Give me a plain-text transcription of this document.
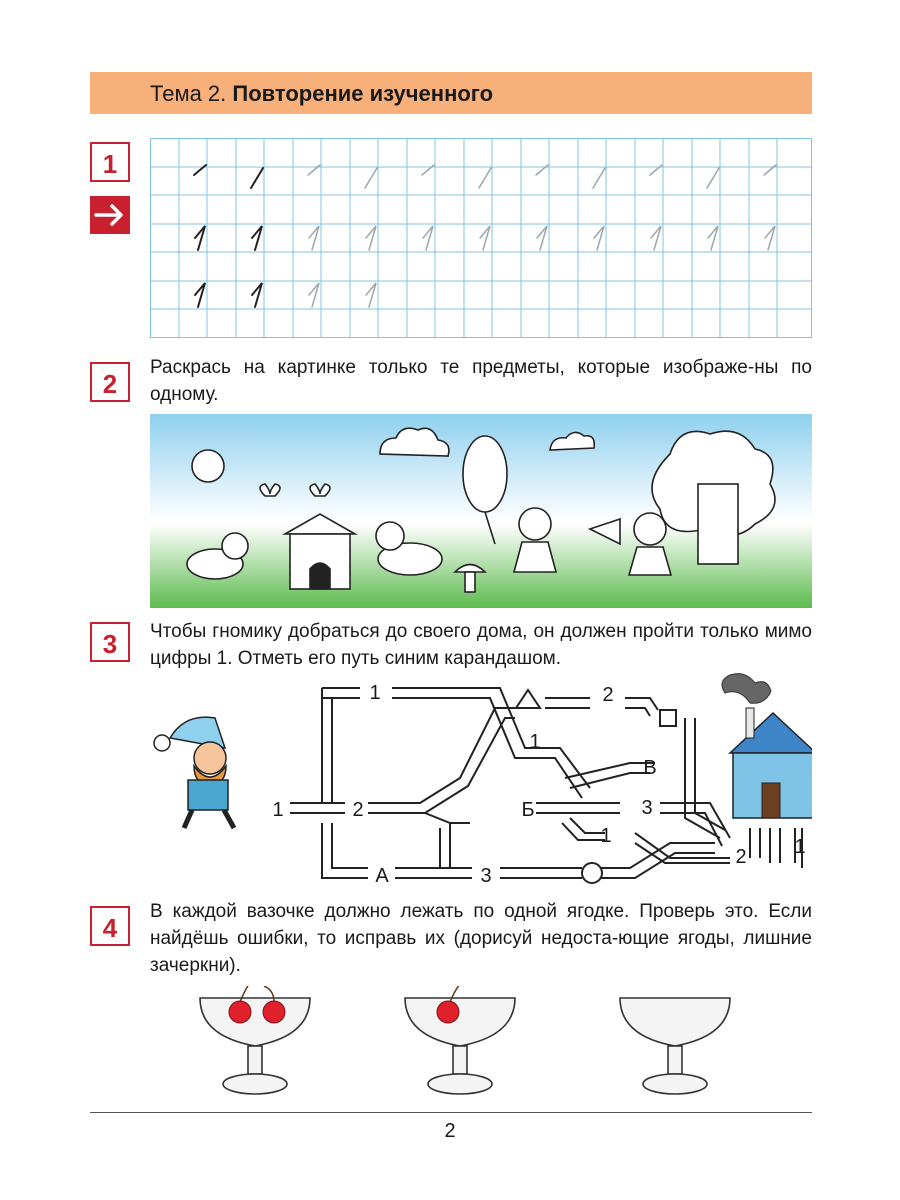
Тема 2. Повторение изученного
1
2
Раскрась на картинке только те предметы, которые изображе-ны по одному.
3	Чтобы гномику добраться до своего дома, он должен пройти только мимо цифры 1. Отметь его путь синим карандашом.
1	2
1
1
2
Б
В
3
1
А	3
2 1
4
В каждой вазочке должно лежать по одной ягодке. Проверь это. Если найдёшь ошибки, то исправь их (дорисуй недоста-ющие ягоды, лишние зачеркни).
2
